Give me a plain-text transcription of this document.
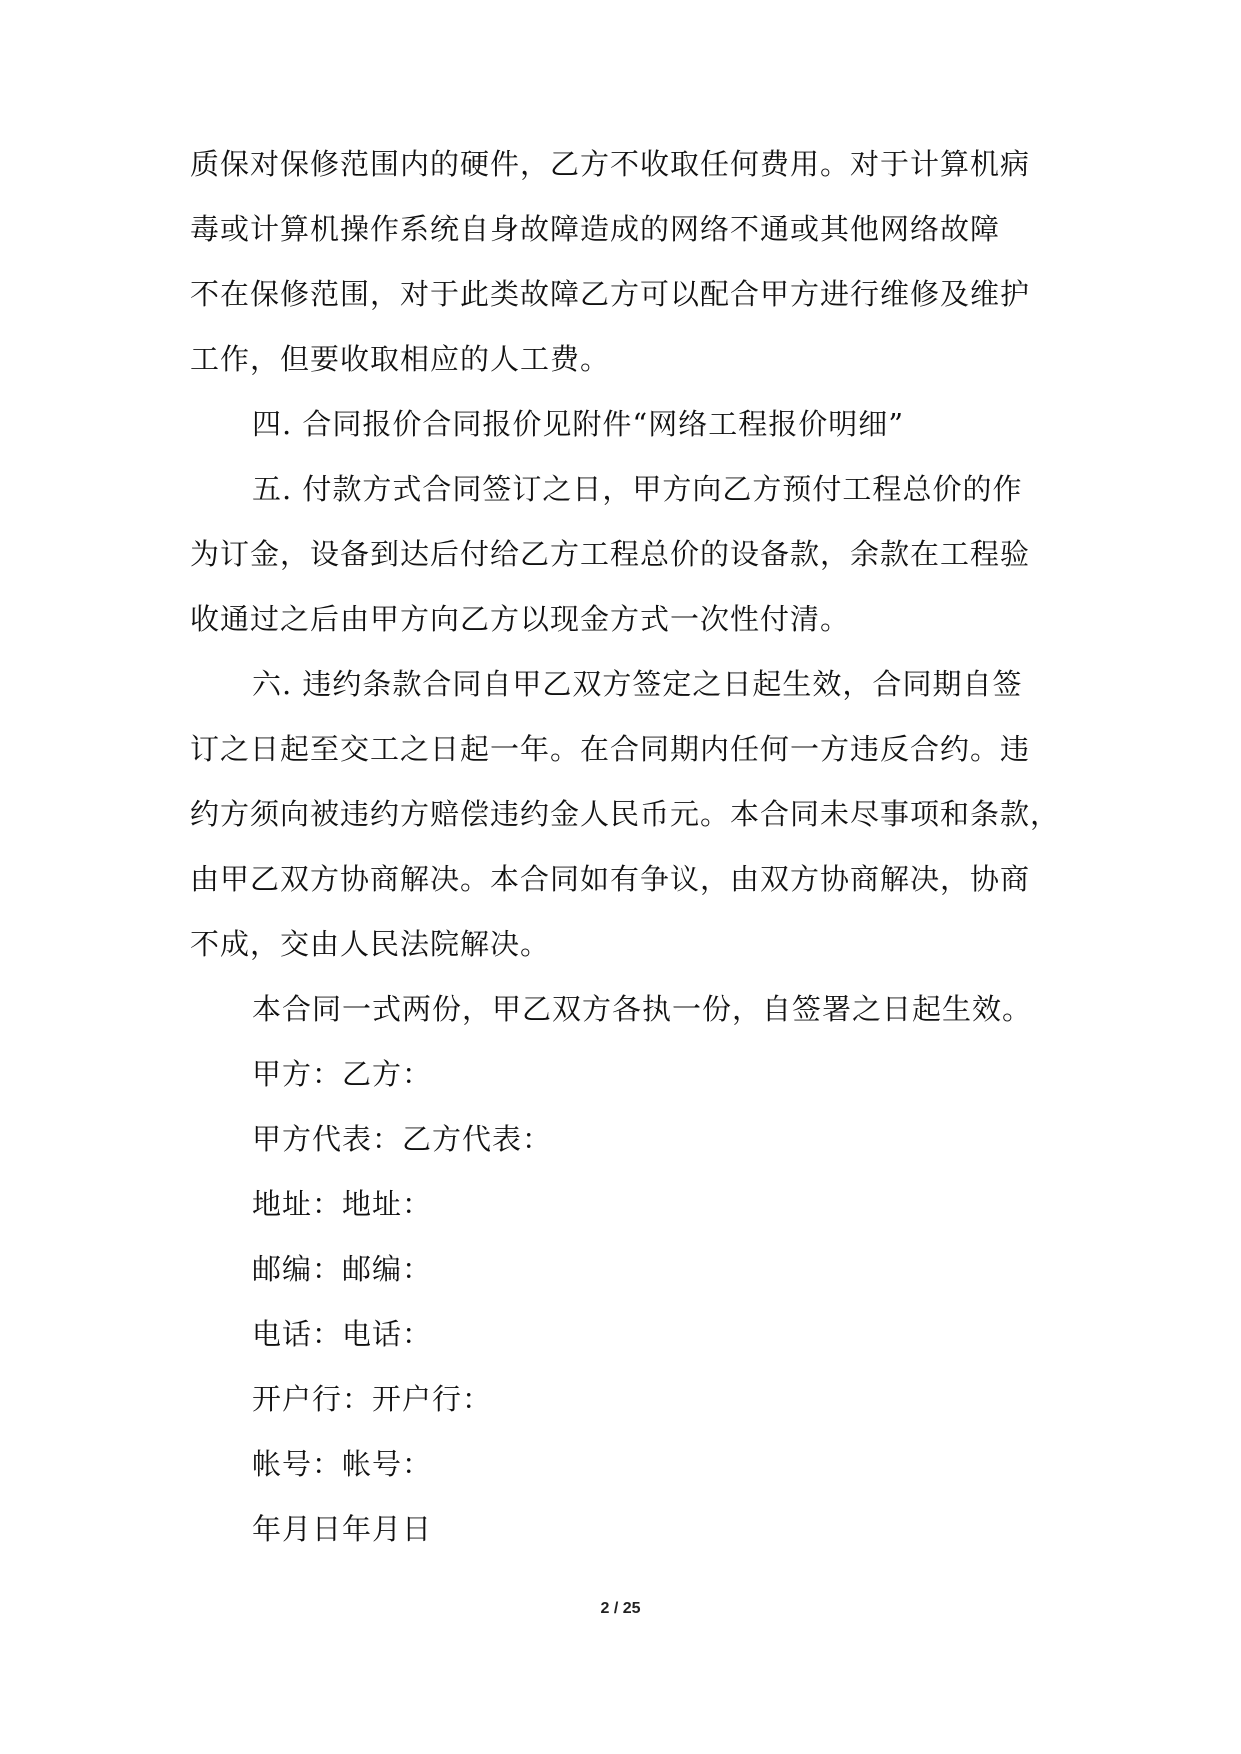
质保对保修范围内的硬件，乙方不收取任何费用。对于计算机病
毒或计算机操作系统自身故障造成的网络不通或其他网络故障
不在保修范围，对于此类故障乙方可以配合甲方进行维修及维护
工作，但要收取相应的人工费。
四. 合同报价合同报价见附件“网络工程报价明细”
五. 付款方式合同签订之日，甲方向乙方预付工程总价的作
为订金，设备到达后付给乙方工程总价的设备款，余款在工程验
收通过之后由甲方向乙方以现金方式一次性付清。
六. 违约条款合同自甲乙双方签定之日起生效，合同期自签
订之日起至交工之日起一年。在合同期内任何一方违反合约。违
约方须向被违约方赔偿违约金人民币元。本合同未尽事项和条款，
由甲乙双方协商解决。本合同如有争议，由双方协商解决，协商
不成，交由人民法院解决。
本合同一式两份，甲乙双方各执一份，自签署之日起生效。
甲方：乙方：
甲方代表：乙方代表：
地址：地址：
邮编：邮编：
电话：电话：
开户行：开户行：
帐号：帐号：
年月日年月日
2 / 25
